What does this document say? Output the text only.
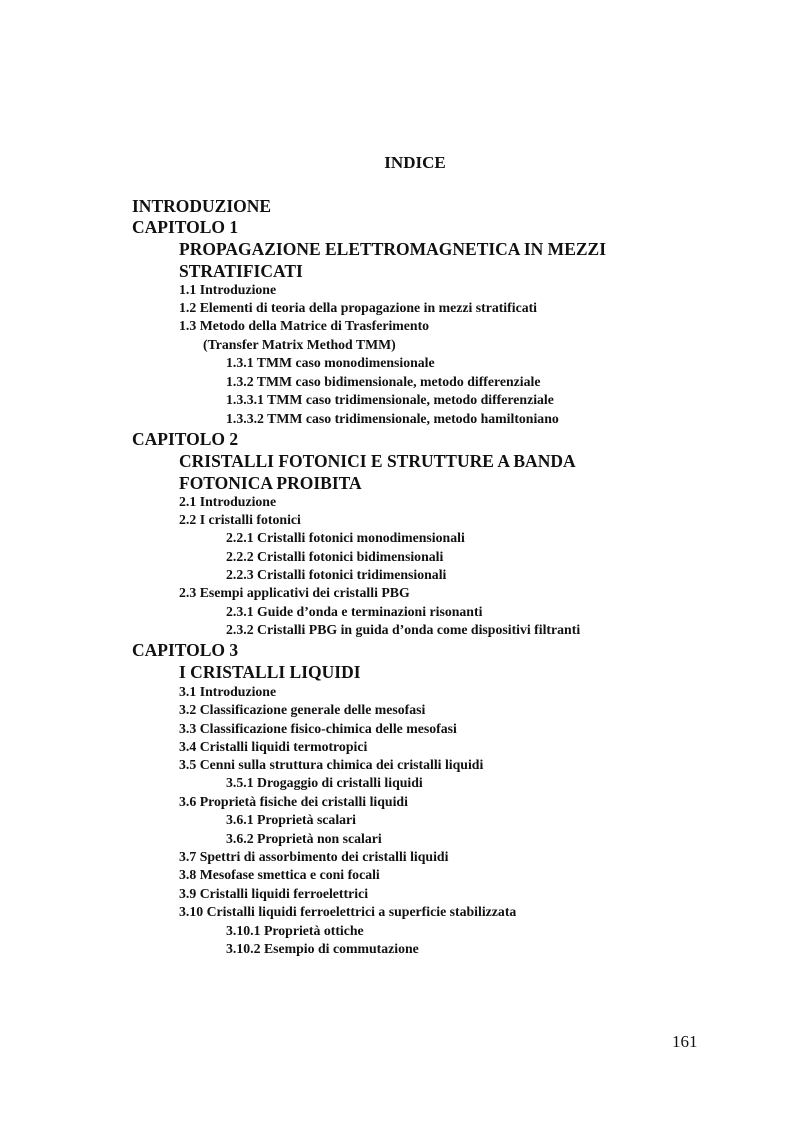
INDICE
INTRODUZIONE
CAPITOLO 1
PROPAGAZIONE ELETTROMAGNETICA IN MEZZI
STRATIFICATI
1.1 Introduzione
1.2 Elementi di teoria della propagazione in mezzi stratificati
1.3 Metodo della Matrice di Trasferimento
(Transfer Matrix Method TMM)
1.3.1 TMM caso monodimensionale
1.3.2 TMM caso bidimensionale, metodo differenziale
1.3.3.1 TMM caso tridimensionale, metodo differenziale
1.3.3.2 TMM caso tridimensionale, metodo hamiltoniano
CAPITOLO 2
CRISTALLI FOTONICI E STRUTTURE A BANDA
FOTONICA PROIBITA
2.1 Introduzione
2.2 I cristalli fotonici
2.2.1 Cristalli fotonici monodimensionali
2.2.2 Cristalli fotonici bidimensionali
2.2.3 Cristalli fotonici tridimensionali
2.3 Esempi applicativi dei cristalli PBG
2.3.1 Guide d’onda e terminazioni risonanti
2.3.2 Cristalli PBG in guida d’onda come dispositivi filtranti
CAPITOLO 3
I CRISTALLI LIQUIDI
3.1 Introduzione
3.2 Classificazione generale delle mesofasi
3.3 Classificazione fisico-chimica delle mesofasi
3.4 Cristalli liquidi termotropici
3.5 Cenni sulla struttura chimica dei cristalli liquidi
3.5.1 Drogaggio di cristalli liquidi
3.6 Proprietà fisiche dei cristalli liquidi
3.6.1 Proprietà scalari
3.6.2 Proprietà non scalari
3.7 Spettri di assorbimento dei cristalli liquidi
3.8 Mesofase smettica e coni focali
3.9 Cristalli liquidi ferroelettrici
3.10 Cristalli liquidi ferroelettrici a superficie stabilizzata
3.10.1 Proprietà ottiche
3.10.2 Esempio di commutazione
161
